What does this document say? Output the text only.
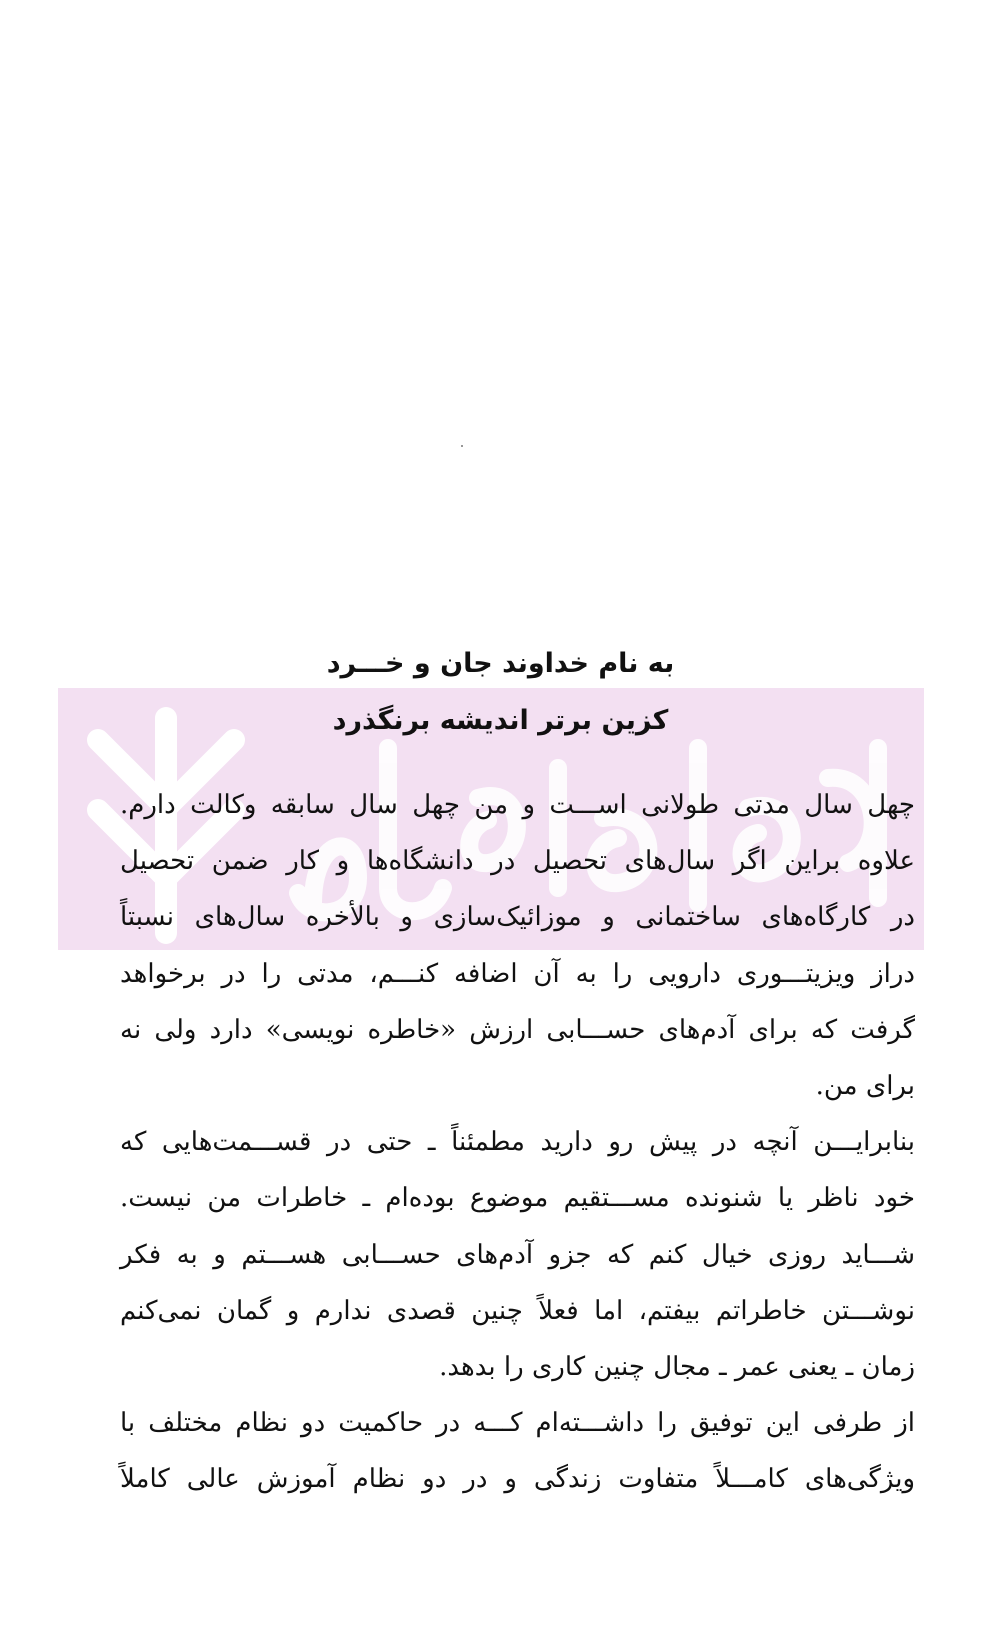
به نام خداوند جان و خـــرد
کزین برتر اندیشه برنگذرد
چهل سال مدتی طولانی اســـت و من چهل سال سابقه وکالت دارم.
علاوه براین اگر سال‌های تحصیل در دانشگاه‌ها و کار ضمن تحصیل
در کارگاه‌های ساختمانی و موزائیک‌سازی و بالأخره سال‌های نسبتاً
دراز ویزیتـــوری دارویی را به آن اضافه کنـــم، مدتی را در برخواهد
گرفت که برای آدم‌های حســـابی ارزش «خاطره نویسی» دارد ولی نه
برای من.
بنابرایـــن آنچه در پیش رو دارید مطمئناً ـ حتی در قســـمت‌هایی که
خود ناظر یا شنونده مســـتقیم موضوع بوده‌ام ـ خاطرات من نیست.
شـــاید روزی خیال کنم که جزو آدم‌های حســـابی هســـتم و به فکر
نوشـــتن خاطراتم بیفتم، اما فعلاً چنین قصدی ندارم و گمان نمی‌کنم
زمان ـ یعنی عمر ـ مجال چنین کاری را بدهد.
از طرفی این توفیق را داشـــته‌ام کـــه در حاکمیت دو نظام مختلف با
ویژگی‌های کامـــلاً متفاوت زندگی و در دو نظام آموزش عالی کاملاً
